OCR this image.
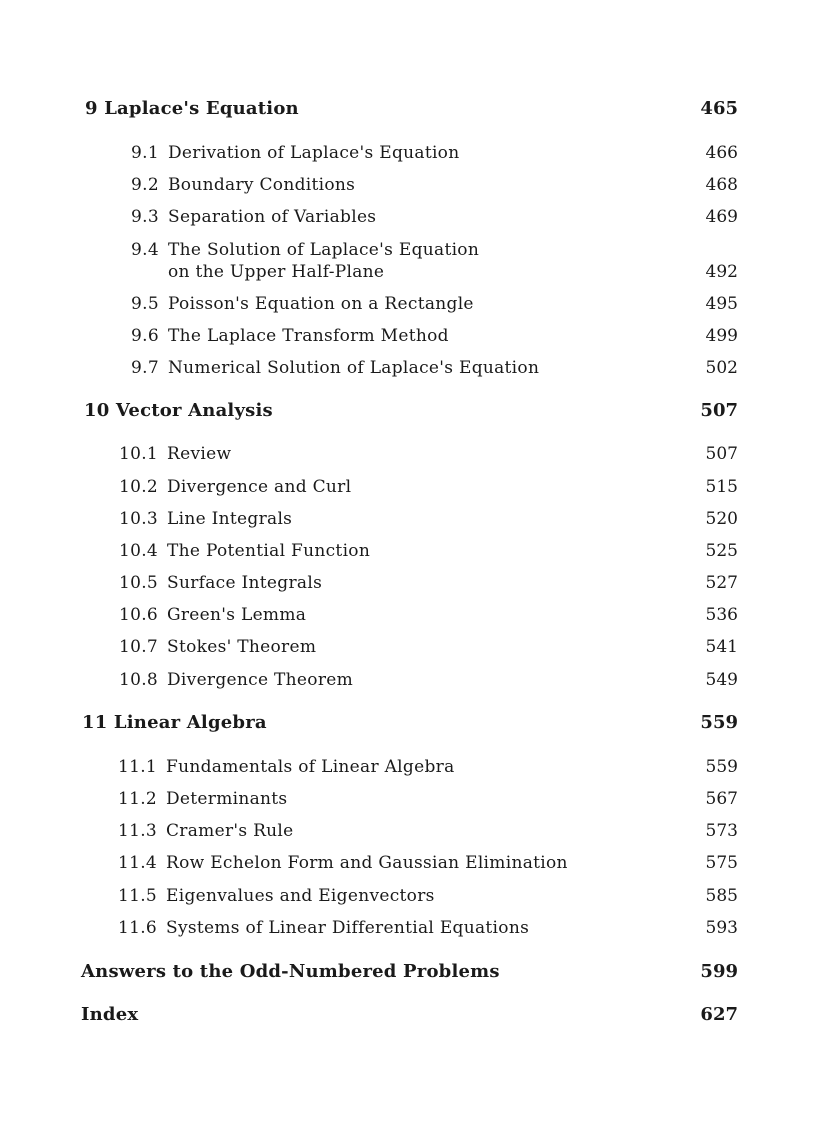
9 Laplace's Equation	465
9.1 Derivation of Laplace's Equation	466
9.2 Boundary Conditions	468
9.3 Separation of Variables	469
9.4 The Solution of Laplace's Equation
on the Upper Half-Plane	492
9.5 Poisson's Equation on a Rectangle	495
9.6 The Laplace Transform Method	499
9.7 Numerical Solution of Laplace's Equation	502
10 Vector Analysis	507
10.1 Review	507
10.2 Divergence and Curl	515
10.3 Line Integrals	520
10.4 The Potential Function	525
10.5 Surface Integrals	527
10.6 Green's Lemma	536
10.7 Stokes' Theorem	541
10.8 Divergence Theorem	549
11 Linear Algebra	559
11.1 Fundamentals of Linear Algebra	559
11.2 Determinants	567
11.3 Cramer's Rule	573
11.4 Row Echelon Form and Gaussian Elimination	575
11.5 Eigenvalues and Eigenvectors	585
11.6 Systems of Linear Differential Equations	593
Answers to the Odd-Numbered Problems	599
Index	627
